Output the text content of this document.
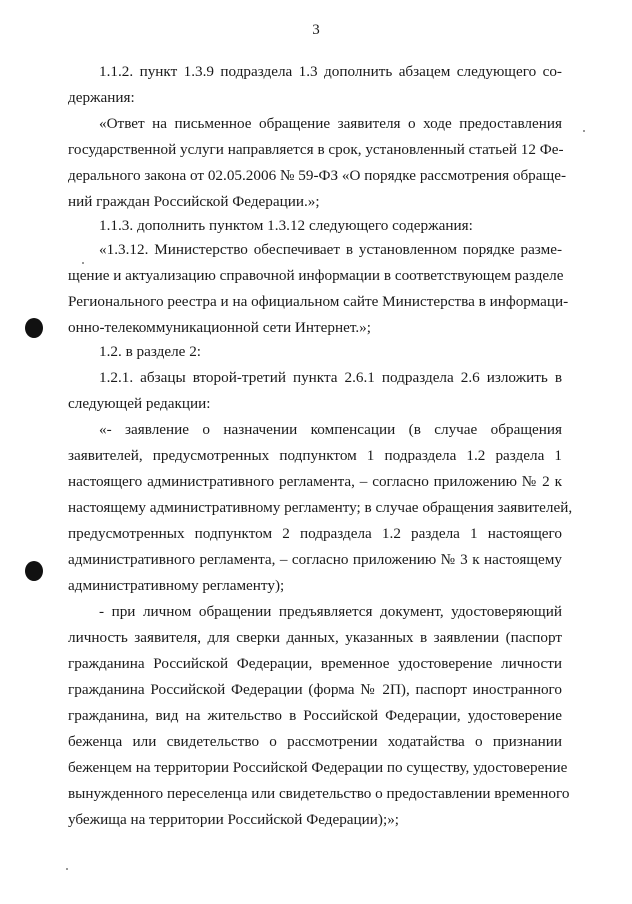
3

1.1.2. пункт 1.3.9 подраздела 1.3 дополнить абзацем следующего со-

держания:

«Ответ на письменное обращение заявителя о ходе предоставления

государственной услуги направляется в срок, установленный статьей 12 Фе-

дерального закона от 02.05.2006 № 59-ФЗ «О порядке рассмотрения обраще-

ний граждан Российской Федерации.»;

1.1.3. дополнить пунктом 1.3.12 следующего содержания:

«1.3.12. Министерство обеспечивает в установленном порядке разме-

щение и актуализацию справочной информации в соответствующем разделе

Регионального реестра и на официальном сайте Министерства в информаци-

онно-телекоммуникационной сети Интернет.»;

1.2. в разделе 2:

1.2.1. абзацы второй-третий пункта 2.6.1 подраздела 2.6 изложить в

следующей редакции:

«- заявление о назначении компенсации (в случае обращения

заявителей, предусмотренных подпунктом 1 подраздела 1.2 раздела 1

настоящего административного регламента, – согласно приложению № 2 к

настоящему административному регламенту; в случае обращения заявителей,

предусмотренных подпунктом 2 подраздела 1.2 раздела 1 настоящего

административного регламента, – согласно приложению № 3 к настоящему

административному регламенту);

- при личном обращении предъявляется документ, удостоверяющий

личность заявителя, для сверки данных, указанных в заявлении (паспорт

гражданина Российской Федерации, временное удостоверение личности

гражданина Российской Федерации (форма № 2П), паспорт иностранного

гражданина, вид на жительство в Российской Федерации, удостоверение

беженца или свидетельство о рассмотрении ходатайства о признании

беженцем на территории Российской Федерации по существу, удостоверение

вынужденного переселенца или свидетельство о предоставлении временного

убежища на территории Российской Федерации);»;
